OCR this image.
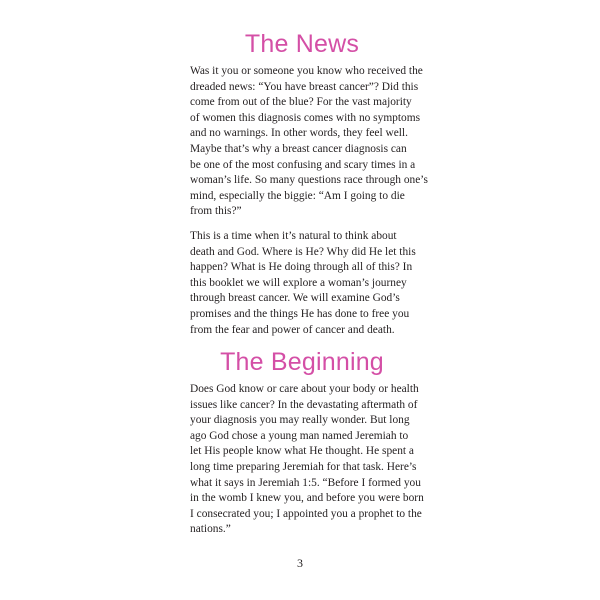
The News

Was it you or someone you know who received the
dreaded news: “You have breast cancer”? Did this
come from out of the blue? For the vast majority
of women this diagnosis comes with no symptoms
and no warnings. In other words, they feel well.
Maybe that’s why a breast cancer diagnosis can
be one of the most confusing and scary times in a
woman’s life. So many questions race through one’s
mind, especially the biggie: “Am I going to die
from this?”

This is a time when it’s natural to think about
death and God. Where is He? Why did He let this
happen? What is He doing through all of this? In
this booklet we will explore a woman’s journey
through breast cancer. We will examine God’s
promises and the things He has done to free you
from the fear and power of cancer and death.

The Beginning

Does God know or care about your body or health
issues like cancer? In the devastating aftermath of
your diagnosis you may really wonder. But long
ago God chose a young man named Jeremiah to
let His people know what He thought. He spent a
long time preparing Jeremiah for that task. Here’s
what it says in Jeremiah 1:5. “Before I formed you
in the womb I knew you, and before you were born
I consecrated you; I appointed you a prophet to the
nations.”

3
